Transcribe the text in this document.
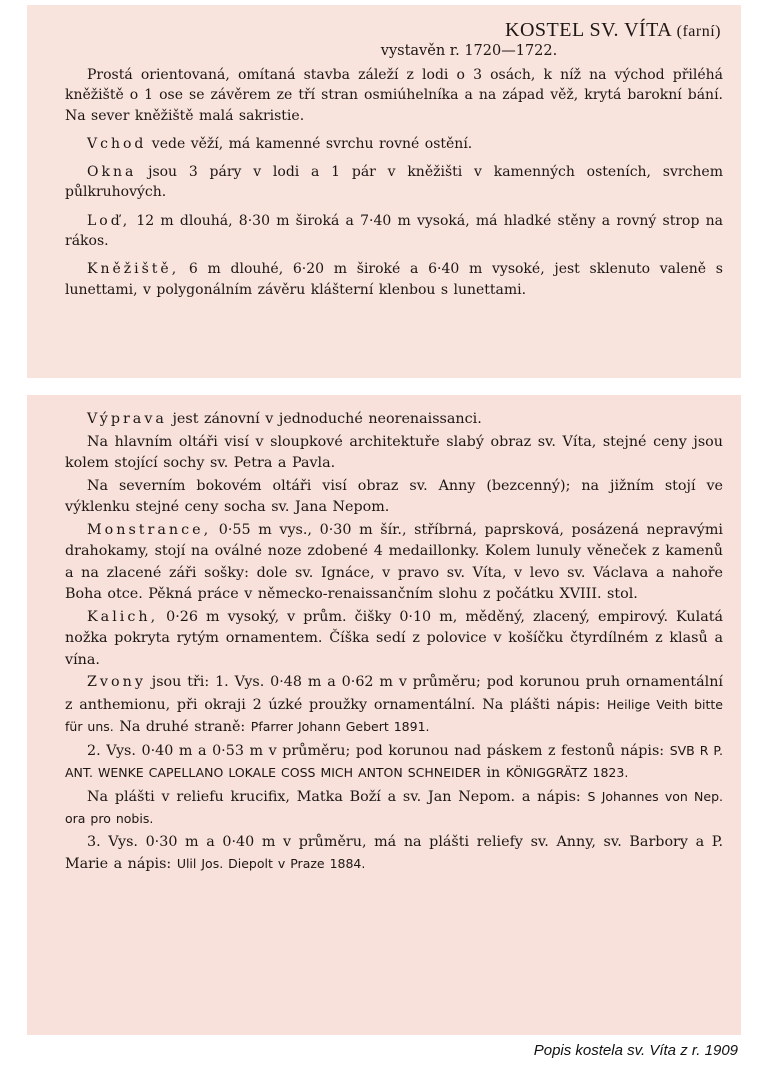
KOSTEL SV. VÍTA (farní)
vystavěn r. 1720—1722.

Prostá orientovaná, omítaná stavba záleží z lodi o 3 osách, k níž na východ přiléhá kněžiště o 1 ose se závěrem ze tří stran osmiúhelníka a na západ věž, krytá barokní bání. Na sever kněžiště malá sakristie.

Vchod vede věží, má kamenné svrchu rovné ostění.

Okna jsou 3 páry v lodi a 1 pár v kněžišti v kamenných osteních, svrchem půlkruhových.

Loď, 12 m dlouhá, 8·30 m široká a 7·40 m vysoká, má hladké stěny a rovný strop na rákos.

Kněžiště, 6 m dlouhé, 6·20 m široké a 6·40 m vysoké, jest sklenuto valeně s lunettami, v polygonálním závěru klášterní klenbou s lunettami.

Výprava jest zánovní v jednoduché neorenaissanci.

Na hlavním oltáři visí v sloupkové architektuře slabý obraz sv. Víta, stejné ceny jsou kolem stojící sochy sv. Petra a Pavla.

Na severním bokovém oltáři visí obraz sv. Anny (bezcenný); na jižním stojí ve výklenku stejné ceny socha sv. Jana Nepom.

Monstrance, 0·55 m vys., 0·30 m šír., stříbrná, paprsková, posázená nepravými drahokamy, stojí na oválné noze zdobené 4 medaillonky. Kolem lunuly věneček z kamenů a na zlacené záři sošky: dole sv. Ignáce, v pravo sv. Víta, v levo sv. Václava a nahoře Boha otce. Pěkná práce v německo-renaissančním slohu z počátku XVIII. stol.

Kalich, 0·26 m vysoký, v prům. čišky 0·10 m, měděný, zlacený, empirový. Kulatá nožka pokryta rytým ornamentem. Číška sedí z polovice v košíčku čtyrdílném z klasů a vína.

Zvony jsou tři: 1. Vys. 0·48 m a 0·62 m v průměru; pod korunou pruh ornamentální z anthemionu, při okraji 2 úzké proužky ornamentální. Na plášti nápis: Heilige Veith bitte für uns. Na druhé straně: Pfarrer Johann Gebert 1891.

2. Vys. 0·40 m a 0·53 m v průměru; pod korunou nad páskem z festonů nápis: SVB R P. ANT. WENKE CAPELLANO LOKALE COSS MICH ANTON SCHNEIDER in KÖNIGGRÄTZ 1823.

Na plášti v reliefu krucifix, Matka Boží a sv. Jan Nepom. a nápis: S Johannes von Nep. ora pro nobis.

3. Vys. 0·30 m a 0·40 m v průměru, má na plášti reliefy sv. Anny, sv. Barbory a P. Marie a nápis: Ulil Jos. Diepolt v Praze 1884.

Popis kostela sv. Víta z r. 1909
